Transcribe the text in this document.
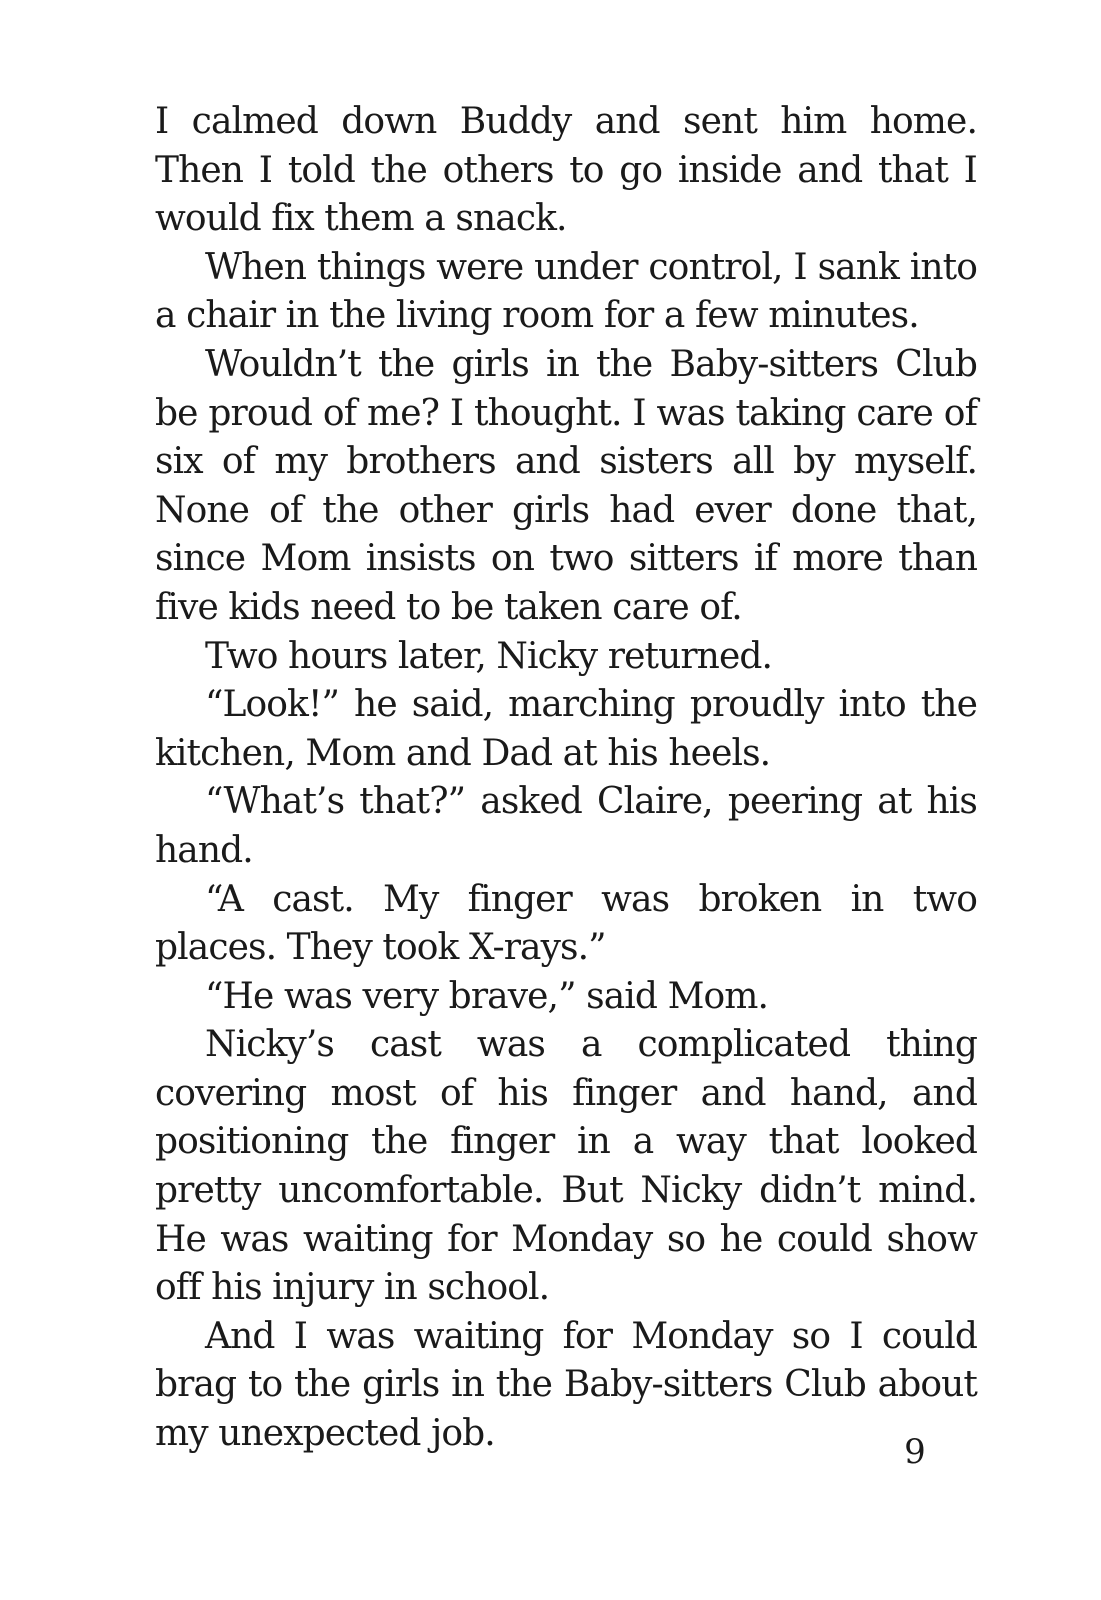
I calmed down Buddy and sent him home. Then I told the others to go inside and that I would fix them a snack.

When things were under control, I sank into a chair in the living room for a few minutes.

Wouldn’t the girls in the Baby-sitters Club be proud of me? I thought. I was taking care of six of my brothers and sisters all by myself. None of the other girls had ever done that, since Mom insists on two sitters if more than five kids need to be taken care of.

Two hours later, Nicky returned.

“Look!” he said, marching proudly into the kitchen, Mom and Dad at his heels.

“What’s that?” asked Claire, peering at his hand.

“A cast. My finger was broken in two places. They took X-rays.”

“He was very brave,” said Mom.

Nicky’s cast was a complicated thing covering most of his finger and hand, and positioning the finger in a way that looked pretty uncomfortable. But Nicky didn’t mind. He was waiting for Monday so he could show off his injury in school.

And I was waiting for Monday so I could brag to the girls in the Baby-sitters Club about my unexpected job.	9
